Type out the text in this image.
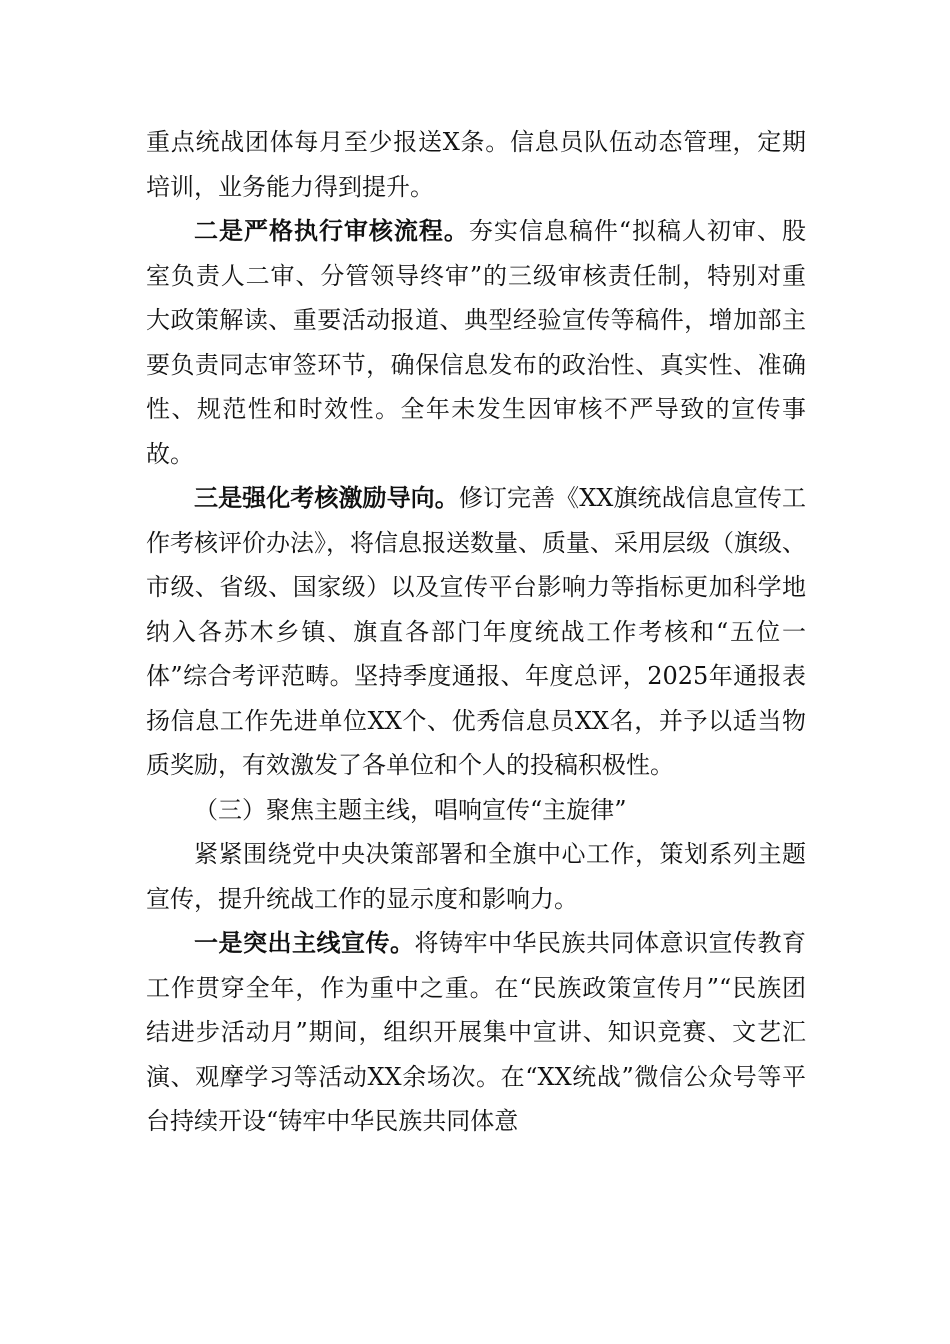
重点统战团体每月至少报送X条。信息员队伍动态管理，定期培训，业务能力得到提升。

二是严格执行审核流程。夯实信息稿件“拟稿人初审、股室负责人二审、分管领导终审”的三级审核责任制，特别对重大政策解读、重要活动报道、典型经验宣传等稿件，增加部主要负责同志审签环节，确保信息发布的政治性、真实性、准确性、规范性和时效性。全年未发生因审核不严导致的宣传事故。

三是强化考核激励导向。修订完善《XX旗统战信息宣传工作考核评价办法》，将信息报送数量、质量、采用层级（旗级、市级、省级、国家级）以及宣传平台影响力等指标更加科学地纳入各苏木乡镇、旗直各部门年度统战工作考核和“五位一体”综合考评范畴。坚持季度通报、年度总评，2025年通报表扬信息工作先进单位XX个、优秀信息员XX名，并予以适当物质奖励，有效激发了各单位和个人的投稿积极性。

（三）聚焦主题主线，唱响宣传“主旋律”

紧紧围绕党中央决策部署和全旗中心工作，策划系列主题宣传，提升统战工作的显示度和影响力。

一是突出主线宣传。将铸牢中华民族共同体意识宣传教育工作贯穿全年，作为重中之重。在“民族政策宣传月”“民族团结进步活动月”期间，组织开展集中宣讲、知识竞赛、文艺汇演、观摩学习等活动XX余场次。在“XX统战”微信公众号等平台持续开设“铸牢中华民族共同体意
